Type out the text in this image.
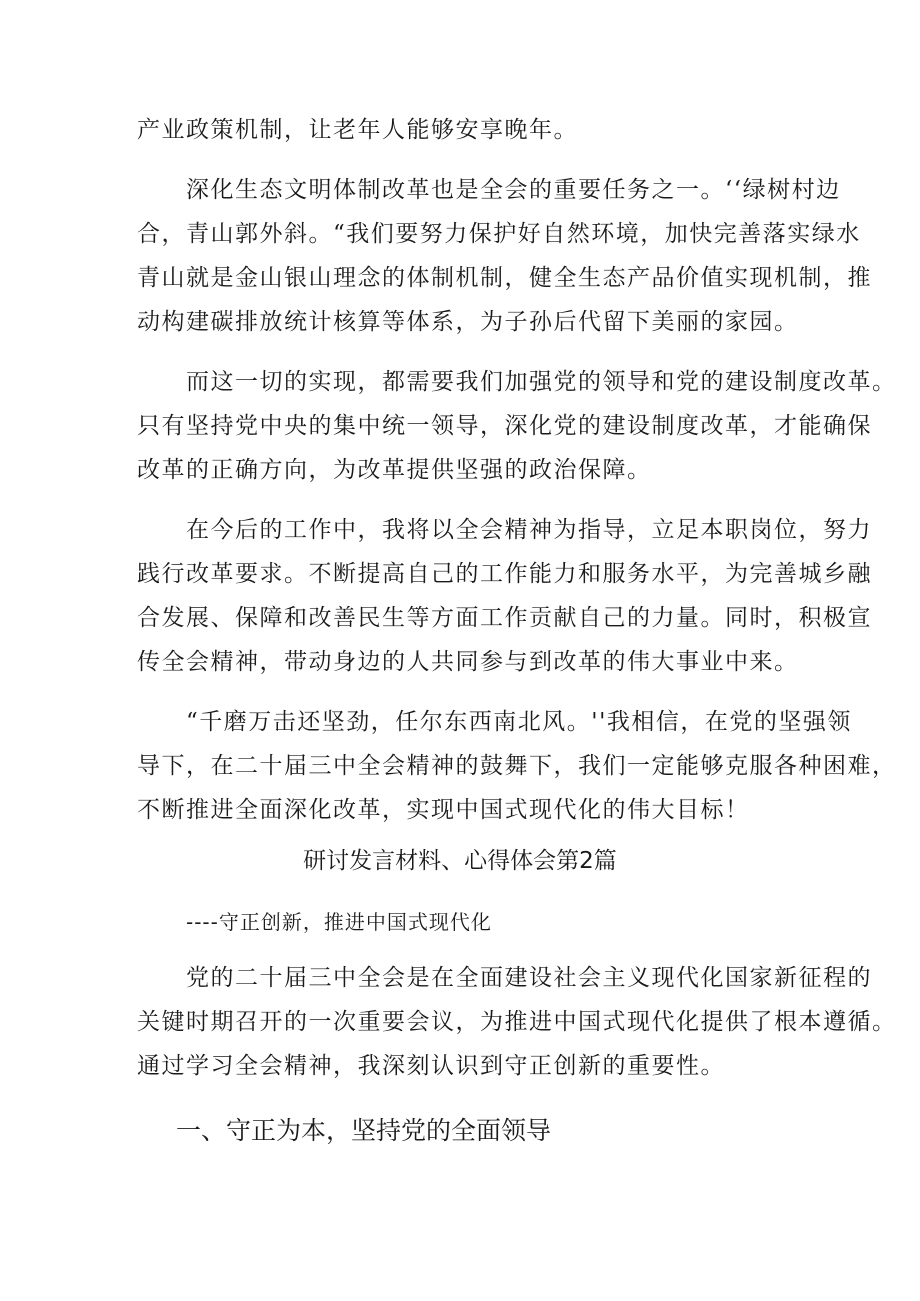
产业政策机制，让老年人能够安享晚年。
深化生态文明体制改革也是全会的重要任务之一。‘‘绿树村边
合，青山郭外斜。“我们要努力保护好自然环境，加快完善落实绿水
青山就是金山银山理念的体制机制，健全生态产品价值实现机制，推
动构建碳排放统计核算等体系，为子孙后代留下美丽的家园。
而这一切的实现，都需要我们加强党的领导和党的建设制度改革。
只有坚持党中央的集中统一领导，深化党的建设制度改革，才能确保
改革的正确方向，为改革提供坚强的政治保障。
在今后的工作中，我将以全会精神为指导，立足本职岗位，努力
践行改革要求。不断提高自己的工作能力和服务水平，为完善城乡融
合发展、保障和改善民生等方面工作贡献自己的力量。同时，积极宣
传全会精神，带动身边的人共同参与到改革的伟大事业中来。
“千磨万击还坚劲，任尔东西南北风。''我相信，在党的坚强领
导下，在二十届三中全会精神的鼓舞下，我们一定能够克服各种困难，
不断推进全面深化改革，实现中国式现代化的伟大目标！
研讨发言材料、心得体会第2篇
----守正创新，推进中国式现代化
党的二十届三中全会是在全面建设社会主义现代化国家新征程的
关键时期召开的一次重要会议，为推进中国式现代化提供了根本遵循。
通过学习全会精神，我深刻认识到守正创新的重要性。
一、守正为本，坚持党的全面领导
